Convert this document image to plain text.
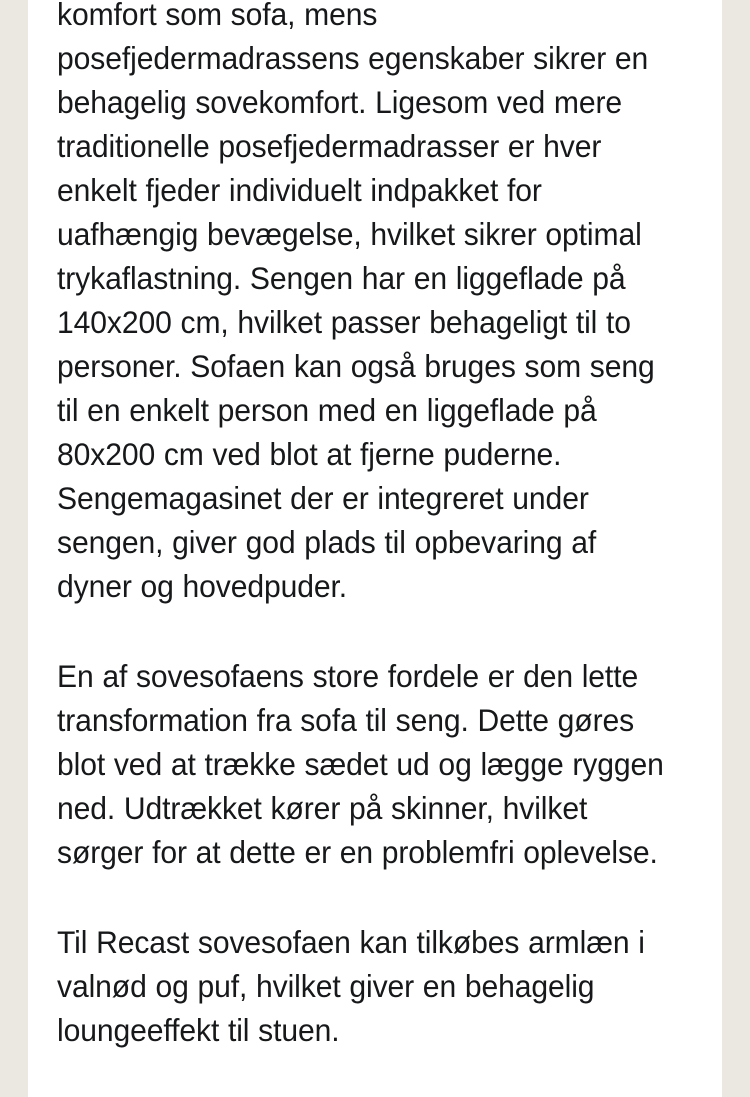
komfort som sofa, mens posefjedermadrassens egenskaber sikrer en behagelig sovekomfort. Ligesom ved mere traditionelle posefjedermadrasser er hver enkelt fjeder individuelt indpakket for uafhængig bevægelse, hvilket sikrer optimal trykaflastning. Sengen har en liggeflade på 140x200 cm, hvilket passer behageligt til to personer. Sofaen kan også bruges som seng til en enkelt person med en liggeflade på 80x200 cm ved blot at fjerne puderne. Sengemagasinet der er integreret under sengen, giver god plads til opbevaring af dyner og hovedpuder.

En af sovesofaens store fordele er den lette transformation fra sofa til seng. Dette gøres blot ved at trække sædet ud og lægge ryggen ned. Udtrækket kører på skinner, hvilket sørger for at dette er en problemfri oplevelse.

Til Recast sovesofaen kan tilkøbes armlæn i valnød og puf, hvilket giver en behagelig loungeeffekt til stuen.
